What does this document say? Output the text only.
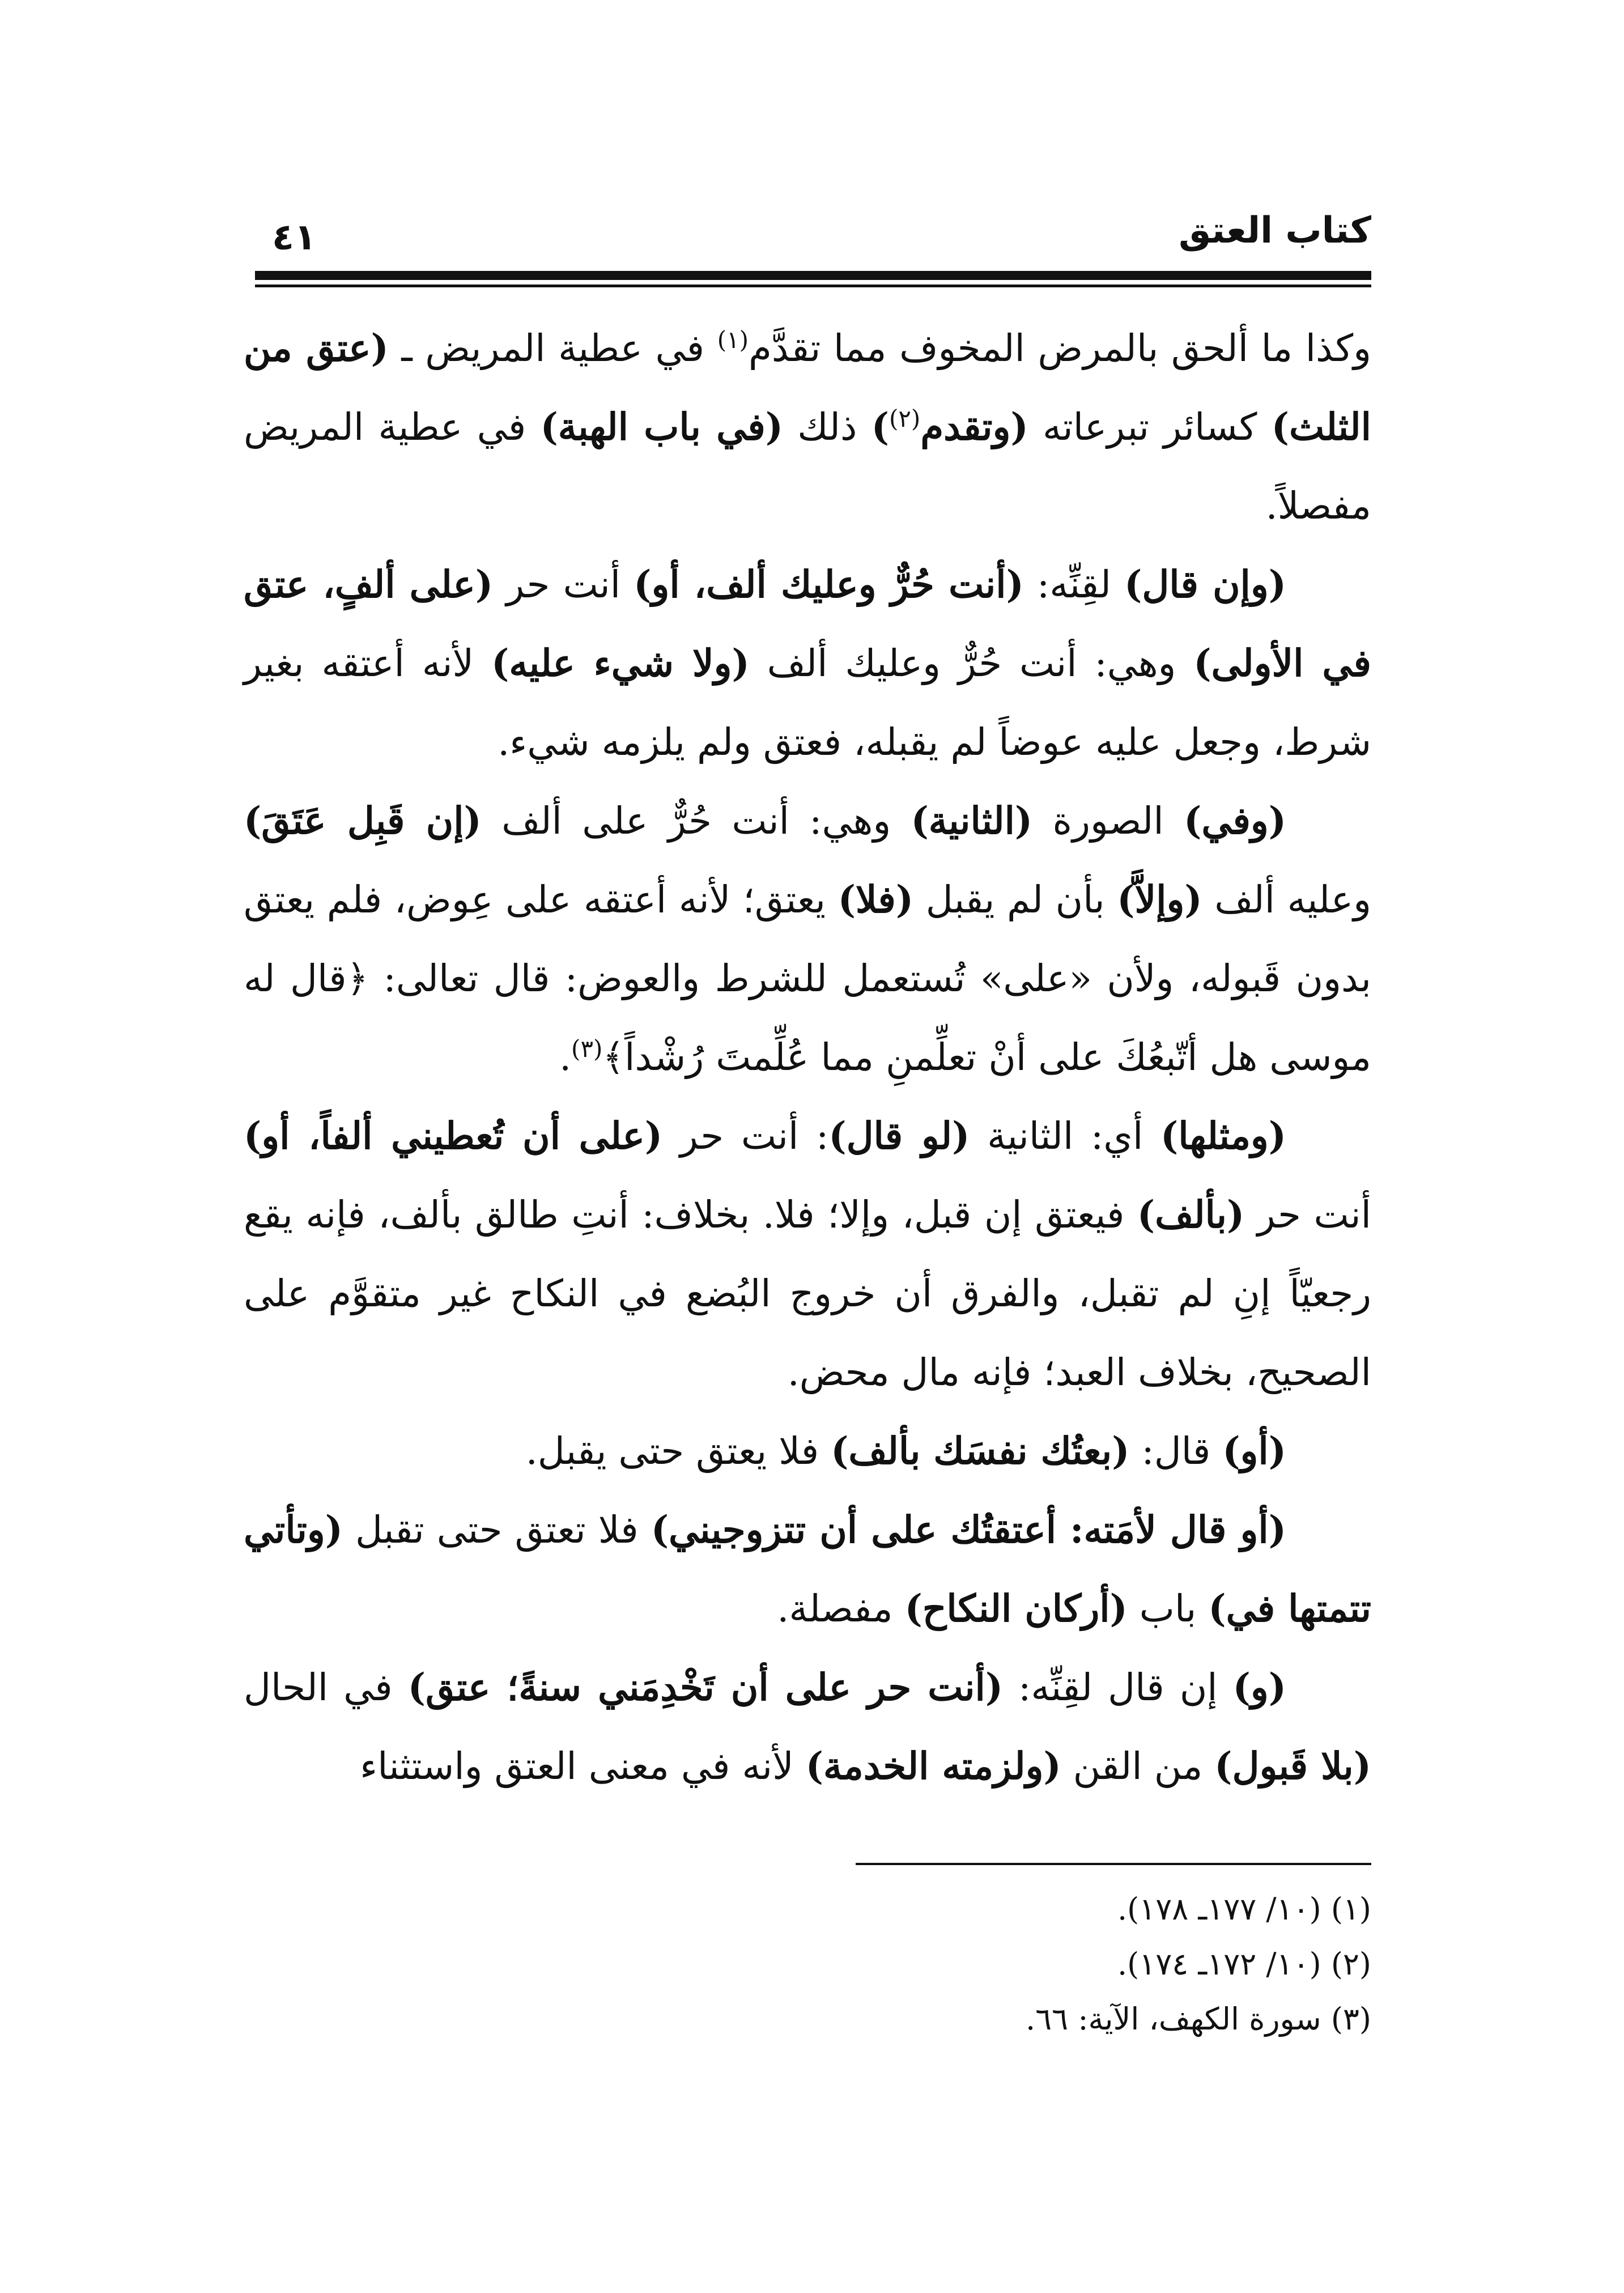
كتاب العتق
٤١

وكذا ما ألحق بالمرض المخوف مما تقدَّم$^{(١)}$ في عطية المريض ـ (عتق من الثلث) كسائر تبرعاته (وتقدم$^{(٢)}$) ذلك (في باب الهبة) في عطية المريض مفصلاً.

(وإن قال) لقِنِّه: (أنت حُرٌّ وعليك ألف، أو) أنت حر (على ألفٍ، عتق في الأولى) وهي: أنت حُرٌّ وعليك ألف (ولا شيء عليه) لأنه أعتقه بغير شرط، وجعل عليه عوضاً لم يقبله، فعتق ولم يلزمه شيء.

(وفي) الصورة (الثانية) وهي: أنت حُرٌّ على ألف (إن قَبِل عَتَقَ) وعليه ألف (وإلاَّ) بأن لم يقبل (فلا) يعتق؛ لأنه أعتقه على عِوض، فلم يعتق بدون قَبوله، ولأن «على» تُستعمل للشرط والعوض: قال تعالى: ﴿قال له موسى هل أتّبعُكَ على أنْ تعلِّمنِ مما عُلِّمتَ رُشْداً﴾$^{(٣)}$.

(ومثلها) أي: الثانية (لو قال): أنت حر (على أن تُعطيني ألفاً، أو) أنت حر (بألف) فيعتق إن قبل، وإلا؛ فلا. بخلاف: أنتِ طالق بألف، فإنه يقع رجعيّاً إنِ لم تقبل، والفرق أن خروج البُضع في النكاح غير متقوَّم على الصحيح، بخلاف العبد؛ فإنه مال محض.

(أو) قال: (بعتُك نفسَك بألف) فلا يعتق حتى يقبل.

(أو قال لأمَته: أعتقتُك على أن تتزوجيني) فلا تعتق حتى تقبل (وتأتي تتمتها في) باب (أركان النكاح) مفصلة.

(و) إن قال لقِنِّه: (أنت حر على أن تَخْدِمَني سنةً؛ عتق) في الحال (بلا قَبول) من القن (ولزمته الخدمة) لأنه في معنى العتق واستثناء

(١) (١٠/ ١٧٧ـ ١٧٨).
(٢) (١٠/ ١٧٢ـ ١٧٤).
(٣) سورة الكهف، الآية: ٦٦.
